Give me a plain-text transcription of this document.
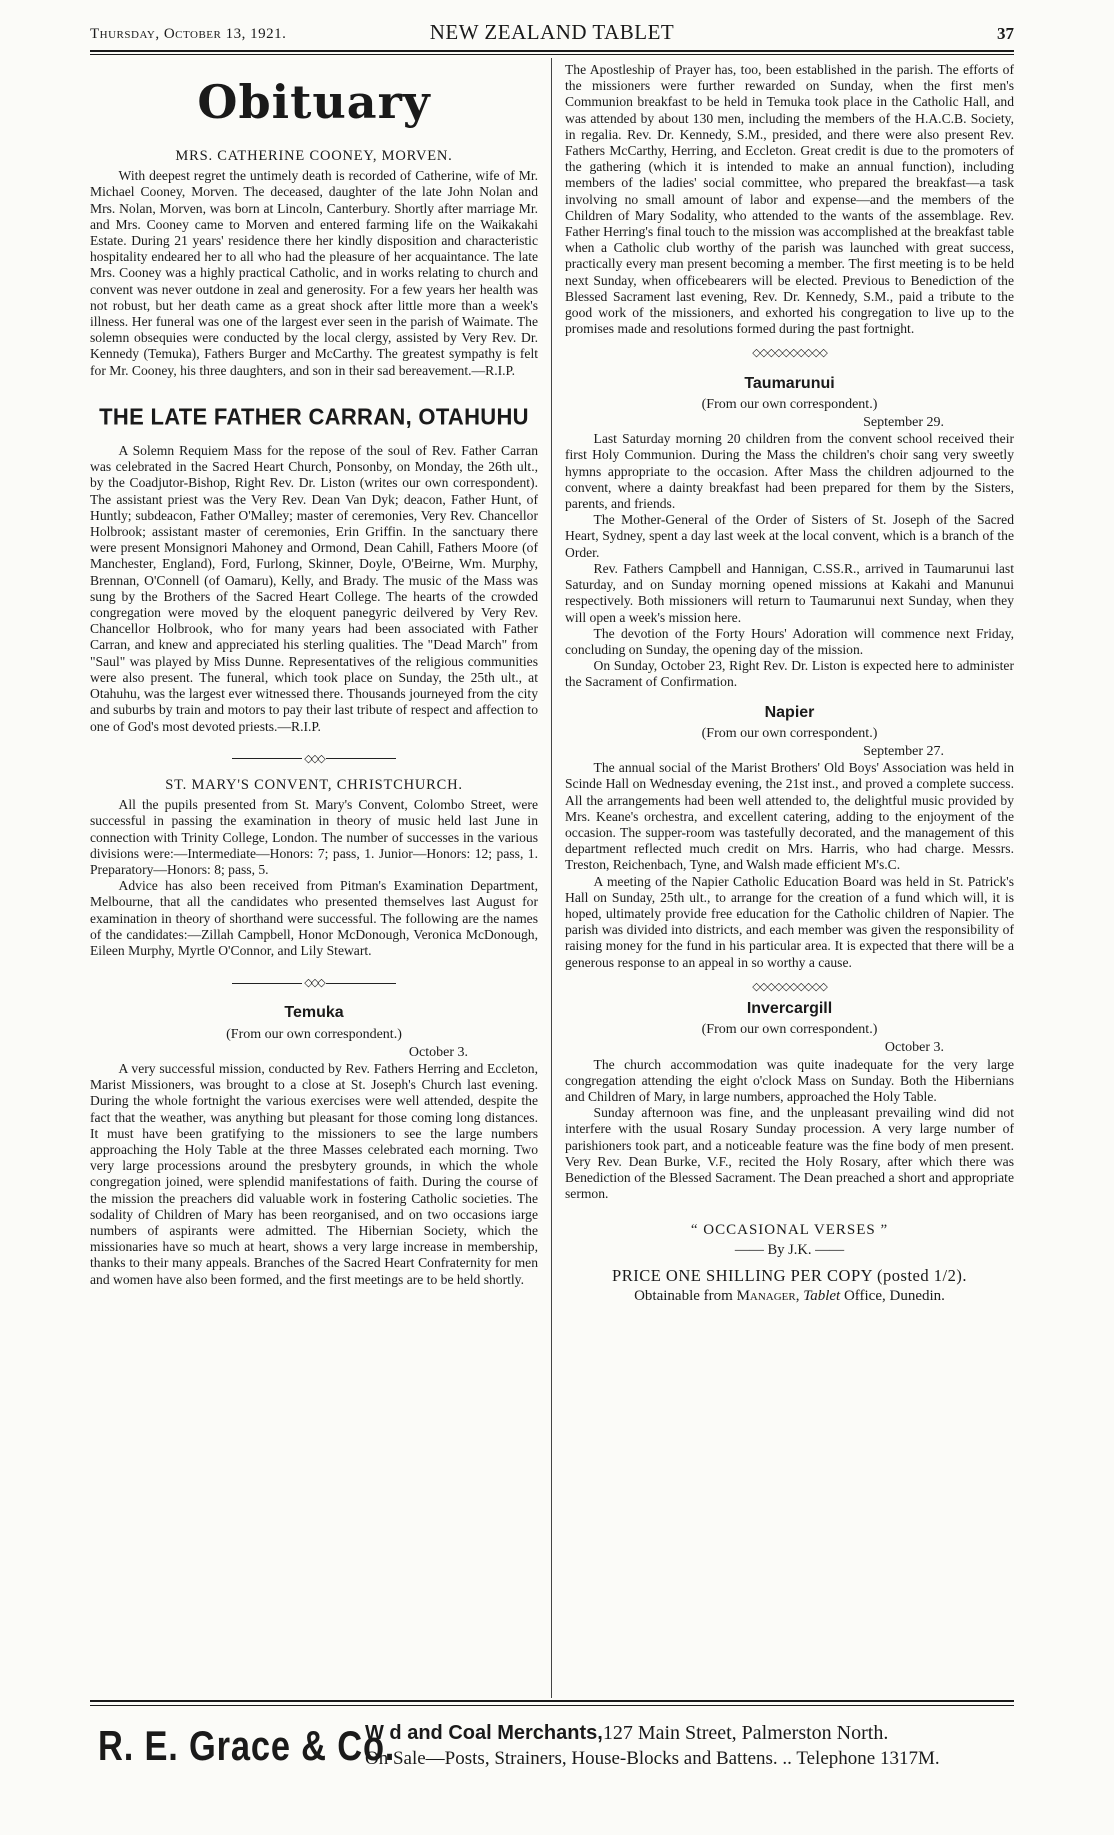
Thursday, October 13, 1921.	NEW ZEALAND TABLET	37
Obituary
MRS. CATHERINE COONEY, MORVEN.

With deepest regret the untimely death is recorded of Catherine, wife of Mr. Michael Cooney, Morven. The deceased, daughter of the late John Nolan and Mrs. Nolan, Morven, was born at Lincoln, Canterbury. Shortly after marriage Mr. and Mrs. Cooney came to Morven and entered farming life on the Waikakahi Estate. During 21 years' residence there her kindly disposition and characteristic hospitality endeared her to all who had the pleasure of her acquaintance. The late Mrs. Cooney was a highly practical Catholic, and in works relating to church and convent was never outdone in zeal and generosity. For a few years her health was not robust, but her death came as a great shock after little more than a week's illness. Her funeral was one of the largest ever seen in the parish of Waimate. The solemn obsequies were conducted by the local clergy, assisted by Very Rev. Dr. Kennedy (Temuka), Fathers Burger and McCarthy. The greatest sympathy is felt for Mr. Cooney, his three daughters, and son in their sad bereavement.—R.I.P.

THE LATE FATHER CARRAN, OTAHUHU

A Solemn Requiem Mass for the repose of the soul of Rev. Father Carran was celebrated in the Sacred Heart Church, Ponsonby, on Monday, the 26th ult., by the Coadjutor-Bishop, Right Rev. Dr. Liston (writes our own correspondent). The assistant priest was the Very Rev. Dean Van Dyk; deacon, Father Hunt, of Huntly; subdeacon, Father O'Malley; master of ceremonies, Very Rev. Chancellor Holbrook; assistant master of ceremonies, Erin Griffin. In the sanctuary there were present Monsignori Mahoney and Ormond, Dean Cahill, Fathers Moore (of Manchester, England), Ford, Furlong, Skinner, Doyle, O'Beirne, Wm. Murphy, Brennan, O'Connell (of Oamaru), Kelly, and Brady. The music of the Mass was sung by the Brothers of the Sacred Heart College. The hearts of the crowded congregation were moved by the eloquent panegyric deilvered by Very Rev. Chancellor Holbrook, who for many years had been associated with Father Carran, and knew and appreciated his sterling qualities. The "Dead March" from "Saul" was played by Miss Dunne. Representatives of the religious communities were also present. The funeral, which took place on Sunday, the 25th ult., at Otahuhu, was the largest ever witnessed there. Thousands journeyed from the city and suburbs by train and motors to pay their last tribute of respect and affection to one of God's most devoted priests.—R.I.P.

◇◇◇
ST. MARY'S CONVENT, CHRISTCHURCH.

All the pupils presented from St. Mary's Convent, Colombo Street, were successful in passing the examination in theory of music held last June in connection with Trinity College, London. The number of successes in the various divisions were:—Intermediate—Honors: 7; pass, 1. Junior—Honors: 12; pass, 1. Preparatory—Honors: 8; pass, 5.

Advice has also been received from Pitman's Examination Department, Melbourne, that all the candidates who presented themselves last August for examination in theory of shorthand were successful. The following are the names of the candidates:—Zillah Campbell, Honor McDonough, Veronica McDonough, Eileen Murphy, Myrtle O'Connor, and Lily Stewart.

◇◇◇
Temuka
(From our own correspondent.)
October 3.

A very successful mission, conducted by Rev. Fathers Herring and Eccleton, Marist Missioners, was brought to a close at St. Joseph's Church last evening. During the whole fortnight the various exercises were well attended, despite the fact that the weather, was anything but pleasant for those coming long distances. It must have been gratifying to the missioners to see the large numbers approaching the Holy Table at the three Masses celebrated each morning. Two very large processions around the presbytery grounds, in which the whole congregation joined, were splendid manifestations of faith. During the course of the mission the preachers did valuable work in fostering Catholic societies. The sodality of Children of Mary has been reorganised, and on two occasions iarge numbers of aspirants were admitted. The Hibernian Society, which the missionaries have so much at heart, shows a very large increase in membership, thanks to their many appeals. Branches of the Sacred Heart Confraternity for men and women have also been formed, and the first meetings are to be held shortly.

The Apostleship of Prayer has, too, been established in the parish. The efforts of the missioners were further rewarded on Sunday, when the first men's Communion breakfast to be held in Temuka took place in the Catholic Hall, and was attended by about 130 men, including the members of the H.A.C.B. Society, in regalia. Rev. Dr. Kennedy, S.M., presided, and there were also present Rev. Fathers McCarthy, Herring, and Eccleton. Great credit is due to the promoters of the gathering (which it is intended to make an annual function), including members of the ladies' social committee, who prepared the breakfast—a task involving no small amount of labor and expense—and the members of the Children of Mary Sodality, who attended to the wants of the assemblage. Rev. Father Herring's final touch to the mission was accomplished at the breakfast table when a Catholic club worthy of the parish was launched with great success, practically every man present becoming a member. The first meeting is to be held next Sunday, when officebearers will be elected. Previous to Benediction of the Blessed Sacrament last evening, Rev. Dr. Kennedy, S.M., paid a tribute to the good work of the missioners, and exhorted his congregation to live up to the promises made and resolutions formed during the past fortnight.

◇◇◇◇◇◇◇◇◇◇
Taumarunui
(From our own correspondent.)
September 29.

Last Saturday morning 20 children from the convent school received their first Holy Communion. During the Mass the children's choir sang very sweetly hymns appropriate to the occasion. After Mass the children adjourned to the convent, where a dainty breakfast had been prepared for them by the Sisters, parents, and friends.

The Mother-General of the Order of Sisters of St. Joseph of the Sacred Heart, Sydney, spent a day last week at the local convent, which is a branch of the Order.

Rev. Fathers Campbell and Hannigan, C.SS.R., arrived in Taumarunui last Saturday, and on Sunday morning opened missions at Kakahi and Manunui respectively. Both missioners will return to Taumarunui next Sunday, when they will open a week's mission here.

The devotion of the Forty Hours' Adoration will commence next Friday, concluding on Sunday, the opening day of the mission.

On Sunday, October 23, Right Rev. Dr. Liston is expected here to administer the Sacrament of Confirmation.

Napier
(From our own correspondent.)
September 27.

The annual social of the Marist Brothers' Old Boys' Association was held in Scinde Hall on Wednesday evening, the 21st inst., and proved a complete success. All the arrangements had been well attended to, the delightful music provided by Mrs. Keane's orchestra, and excellent catering, adding to the enjoyment of the occasion. The supper-room was tastefully decorated, and the management of this department reflected much credit on Mrs. Harris, who had charge. Messrs. Treston, Reichenbach, Tyne, and Walsh made efficient M's.C.

A meeting of the Napier Catholic Education Board was held in St. Patrick's Hall on Sunday, 25th ult., to arrange for the creation of a fund which will, it is hoped, ultimately provide free education for the Catholic children of Napier. The parish was divided into districts, and each member was given the responsibility of raising money for the fund in his particular area. It is expected that there will be a generous response to an appeal in so worthy a cause.

◇◇◇◇◇◇◇◇◇◇
Invercargill
(From our own correspondent.)
October 3.

The church accommodation was quite inadequate for the very large congregation attending the eight o'clock Mass on Sunday. Both the Hibernians and Children of Mary, in large numbers, approached the Holy Table.

Sunday afternoon was fine, and the unpleasant prevailing wind did not interfere with the usual Rosary Sunday procession. A very large number of parishioners took part, and a noticeable feature was the fine body of men present. Very Rev. Dean Burke, V.F., recited the Holy Rosary, after which there was Benediction of the Blessed Sacrament. The Dean preached a short and appropriate sermon.

“ OCCASIONAL VERSES ”
—— By J.K. ——
PRICE ONE SHILLING PER COPY (posted 1/2).
Obtainable from Manager, Tablet Office, Dunedin.
R. E. Grace & Co.
W d and Coal Merchants,127 Main Street, Palmerston North.
On Sale—Posts, Strainers, House-Blocks and Battens. .. Telephone 1317M.
